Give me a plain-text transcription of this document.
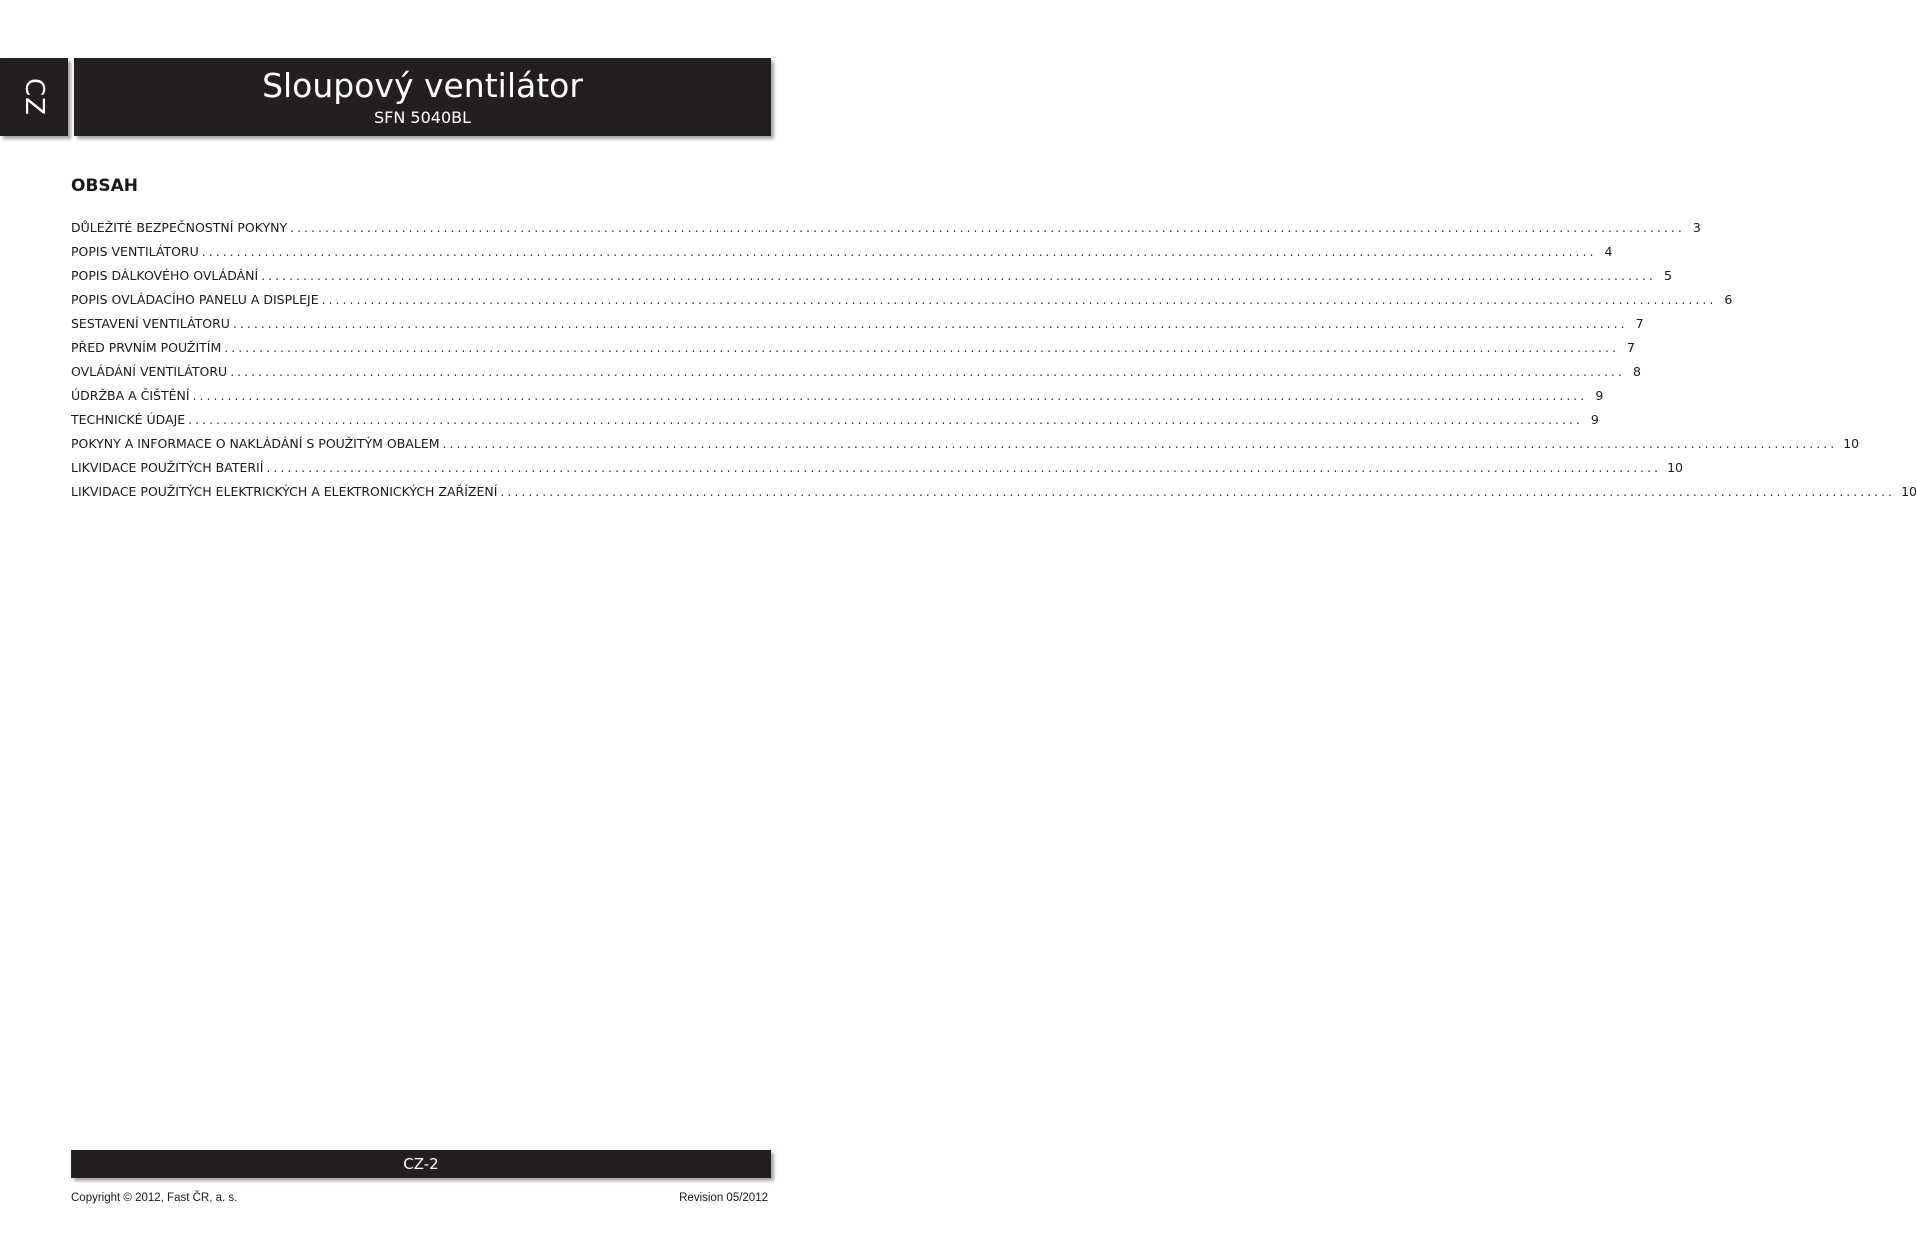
CZ	Sloupový ventilátor
SFN 5040BL
OBSAH
DŮLEŽITÉ BEZPEČNOSTNÍ POKYNY ........................................................................................................................................................................................................ 3
POPIS VENTILÁTORU ........................................................................................................................................................................................................ 4
POPIS DÁLKOVÉHO OVLÁDÁNÍ ........................................................................................................................................................................................................ 5
POPIS OVLÁDACÍHO PANELU A DISPLEJE ........................................................................................................................................................................................................ 6
SESTAVENÍ VENTILÁTORU ........................................................................................................................................................................................................ 7
PŘED PRVNÍM POUŽITÍM ........................................................................................................................................................................................................ 7
OVLÁDÁNÍ VENTILÁTORU ........................................................................................................................................................................................................ 8
ÚDRŽBA A ČIŠTĚNÍ ........................................................................................................................................................................................................ 9
TECHNICKÉ ÚDAJE ........................................................................................................................................................................................................ 9
POKYNY A INFORMACE O NAKLÁDÁNÍ S POUŽITÝM OBALEM ........................................................................................................................................................................................................ 10
LIKVIDACE POUŽITÝCH BATERIÍ ........................................................................................................................................................................................................ 10
LIKVIDACE POUŽITÝCH ELEKTRICKÝCH A ELEKTRONICKÝCH ZAŘÍZENÍ ........................................................................................................................................................................................................ 10
CZ-2
Copyright © 2012, Fast ČR, a. s.	Revision 05/2012
